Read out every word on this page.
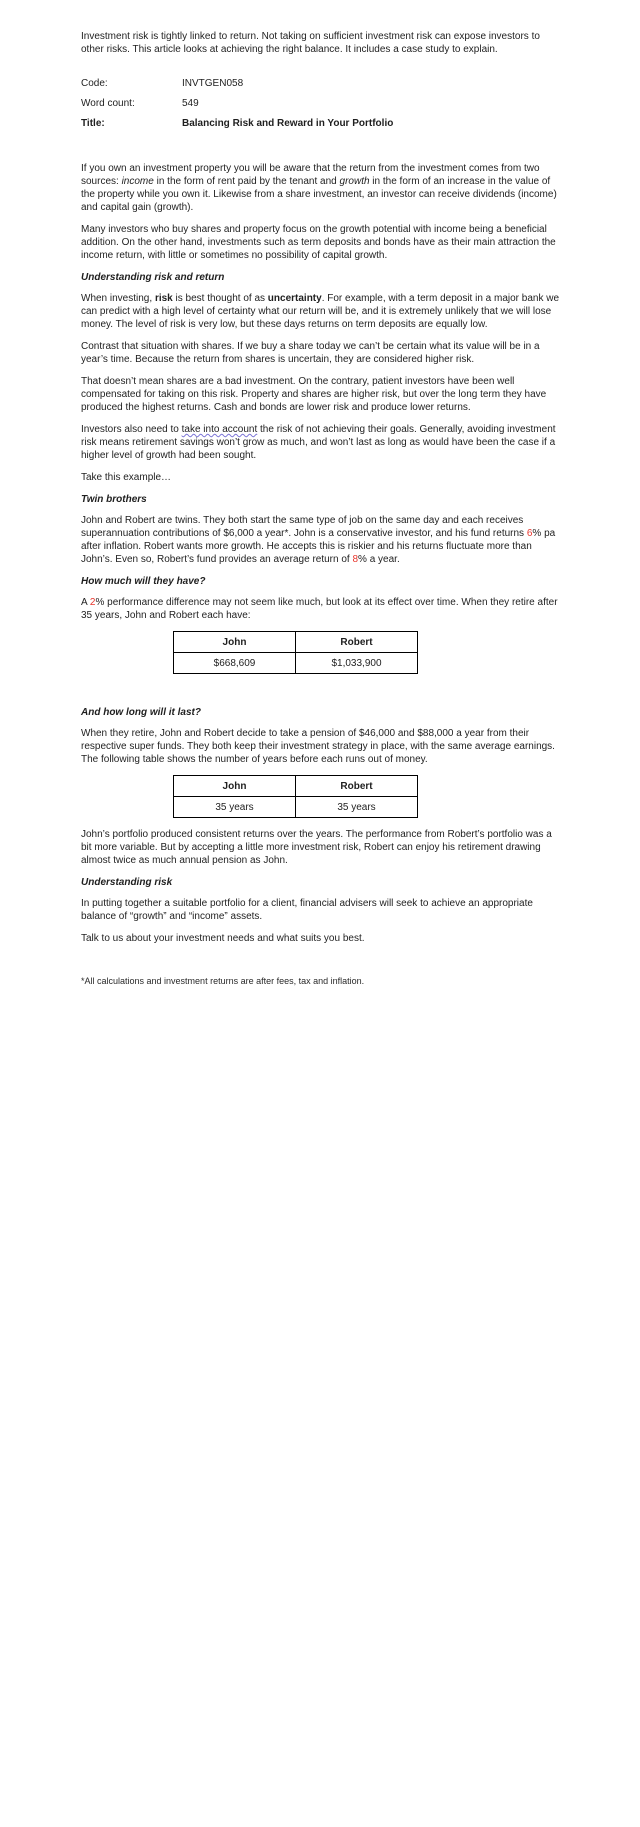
Investment risk is tightly linked to return. Not taking on sufficient investment risk can expose investors to other risks. This article looks at achieving the right balance. It includes a case study to explain.

Code:	INVTGEN058
Word count:	549
Title:	Balancing Risk and Reward in Your Portfolio

If you own an investment property you will be aware that the return from the investment comes from two sources: income in the form of rent paid by the tenant and growth in the form of an increase in the value of the property while you own it. Likewise from a share investment, an investor can receive dividends (income) and capital gain (growth).

Many investors who buy shares and property focus on the growth potential with income being a beneficial addition. On the other hand, investments such as term deposits and bonds have as their main attraction the income return, with little or sometimes no possibility of capital growth.

Understanding risk and return

When investing, risk is best thought of as uncertainty. For example, with a term deposit in a major bank we can predict with a high level of certainty what our return will be, and it is extremely unlikely that we will lose money. The level of risk is very low, but these days returns on term deposits are equally low.

Contrast that situation with shares. If we buy a share today we can’t be certain what its value will be in a year’s time. Because the return from shares is uncertain, they are considered higher risk.

That doesn’t mean shares are a bad investment. On the contrary, patient investors have been well compensated for taking on this risk. Property and shares are higher risk, but over the long term they have produced the highest returns. Cash and bonds are lower risk and produce lower returns.

Investors also need to take into account the risk of not achieving their goals. Generally, avoiding investment risk means retirement savings won’t grow as much, and won’t last as long as would have been the case if a higher level of growth had been sought.

Take this example…

Twin brothers

John and Robert are twins. They both start the same type of job on the same day and each receives superannuation contributions of $6,000 a year*. John is a conservative investor, and his fund returns 6% pa after inflation. Robert wants more growth. He accepts this is riskier and his returns fluctuate more than John’s. Even so, Robert’s fund provides an average return of 8% a year.

How much will they have?

A 2% performance difference may not seem like much, but look at its effect over time. When they retire after 35 years, John and Robert each have:

John	Robert
$668,609	$1,033,900
And how long will it last?

When they retire, John and Robert decide to take a pension of $46,000 and $88,000 a year from their respective super funds. They both keep their investment strategy in place, with the same average earnings. The following table shows the number of years before each runs out of money.

John	Robert
35 years	35 years

John’s portfolio produced consistent returns over the years. The performance from Robert’s portfolio was a bit more variable. But by accepting a little more investment risk, Robert can enjoy his retirement drawing almost twice as much annual pension as John.

Understanding risk

In putting together a suitable portfolio for a client, financial advisers will seek to achieve an appropriate balance of “growth” and “income” assets.

Talk to us about your investment needs and what suits you best.

*All calculations and investment returns are after fees, tax and inflation.
